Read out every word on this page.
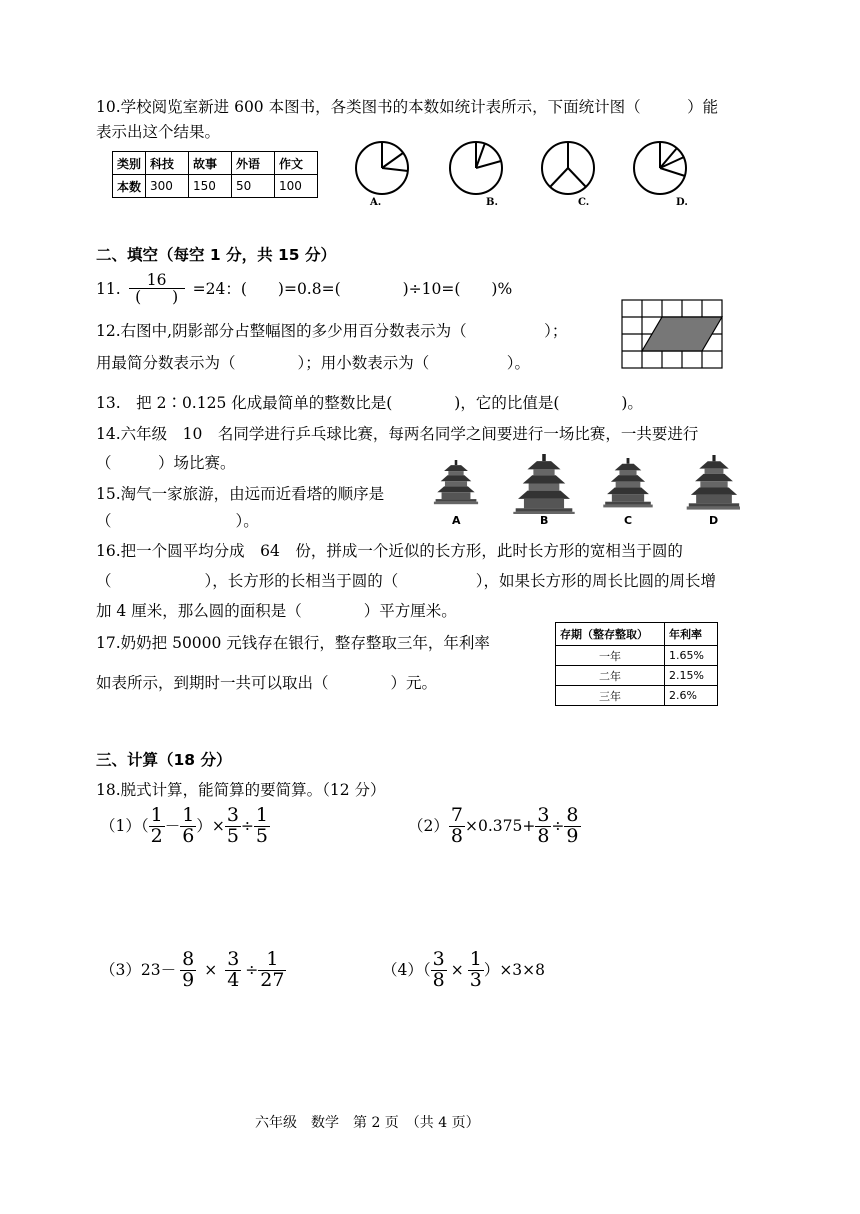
10.学校阅览室新进 600 本图书，各类图书的本数如统计表所示，下面统计图（　　　）能
表示出这个结果。
类别	科技	故事	外语	作文
本数	300	150	50	100
A.	B.	C.	D.
二、填空（每空 1 分，共 15 分）
11. $\frac{16}{( )} =24$：(　　)=0.8=(　　　　)÷10=(　　)%
12.右图中,阴影部分占整幅图的多少用百分数表示为（　　　　　）；
用最简分数表示为（　　　　）；用小数表示为（　　　　　）。
13.　把 2∶0.125 化成最简单的整数比是(　　　　)，它的比值是(　　　　)。
14.六年级　10　名同学进行乒乓球比赛，每两名同学之间要进行一场比赛，一共要进行
（　　　）场比赛。
15.淘气一家旅游，由远而近看塔的顺序是
（　　　　　　　　）。	A	B	C	D
16.把一个圆平均分成　64　份，拼成一个近似的长方形，此时长方形的宽相当于圆的
（　　　　　　），长方形的长相当于圆的（　　　　　），如果长方形的周长比圆的周长增
加 4 厘米，那么圆的面积是（　　　　）平方厘米。
17.奶奶把 50000 元钱存在银行，整存整取三年，年利率
如表所示，到期时一共可以取出（　　　　）元。
存期（整存整取）	年利率
一年	1.65%
二年	2.15%
三年	2.6%
三、计算（18 分）
18.脱式计算，能简算的要简算。（12 分）
$(1)( \frac{1}{2} - \frac{1}{6}$ ）× $\frac{3}{5} \div \frac{1}{5}$	$(2) \frac{7}{8} \times 0.375+ \frac{3}{8} \div \frac{8}{9}$
$(3)23- \frac{8}{9} \times \frac{3}{4} \div \frac{1}{27}$	$(4)( \frac{3}{8} \times \frac{1}{3} )\times 3\times 8$
六年级　数学　第 2 页　（共 4 页）
